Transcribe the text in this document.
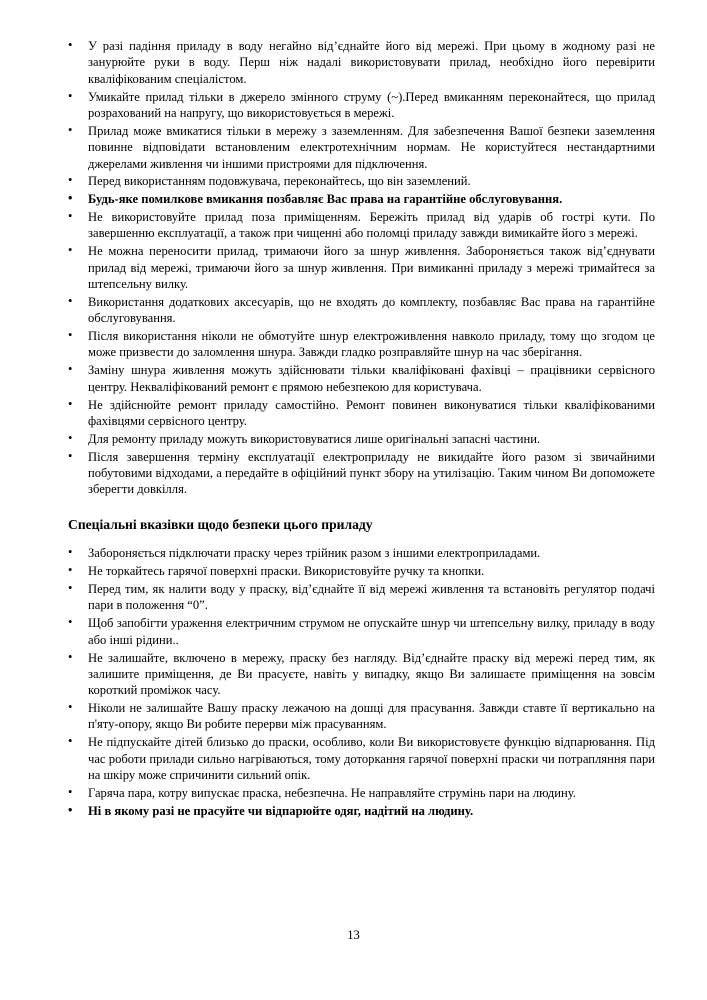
• У разі падіння приладу в воду негайно від’єднайте його від мережі. При цьому в жодному разі не занурюйте руки в воду. Перш ніж надалі використовувати прилад, необхідно його перевірити кваліфікованим спеціалістом.
• Умикайте прилад тільки в джерело змінного струму (~).Перед вмиканням переконайтеся, що прилад розрахований на напругу, що використовується в мережі.
• Прилад може вмикатися тільки в мережу з заземленням. Для забезпечення Вашої безпеки заземлення повинне відповідати встановленим електротехнічним нормам. Не користуйтеся нестандартними джерелами живлення чи іншими пристроями для підключення.
• Перед використанням подовжувача, переконайтесь, що він заземлений.
• Будь-яке помилкове вмикання позбавляє Вас права на гарантійне обслуговування.
• Не використовуйте прилад поза приміщенням. Бережіть прилад від ударів об гострі кути. По завершенню експлуатації, а також при чищенні або поломці приладу завжди вимикайте його з мережі.
• Не можна переносити прилад, тримаючи його за шнур живлення. Забороняється також від’єднувати прилад від мережі, тримаючи його за шнур живлення. При вимиканні приладу з мережі тримайтеся за штепсельну вилку.
• Використання додаткових аксесуарів, що не входять до комплекту, позбавляє Вас права на гарантійне обслуговування.
• Після використання ніколи не обмотуйте шнур електроживлення навколо приладу, тому що згодом це може призвести до заломлення шнура. Завжди гладко розправляйте шнур на час зберігання.
• Заміну шнура живлення можуть здійснювати тільки кваліфіковані фахівці – працівники сервісного центру. Некваліфікований ремонт є прямою небезпекою для користувача.
• Не здійснюйте ремонт приладу самостійно. Ремонт повинен виконуватися тільки кваліфікованими фахівцями сервісного центру.
• Для ремонту приладу можуть використовуватися лише оригінальні запасні частини.
• Після завершення терміну експлуатації електроприладу не викидайте його разом зі звичайними побутовими відходами, а передайте в офіційний пункт збору на утилізацію. Таким чином Ви допоможете зберегти довкілля.
Спеціальні вказівки щодо безпеки цього приладу
• Забороняється підключати праску через трійник разом з іншими електроприладами.
• Не торкайтесь гарячої поверхні праски. Використовуйте ручку та кнопки.
• Перед тим, як налити воду у праску, від’єднайте її від мережі живлення та встановіть регулятор подачі пари в положення “0”.
• Щоб запобігти ураження електричним струмом не опускайте шнур чи штепсельну вилку, приладу в воду або інші рідини..
• Не залишайте, включено в мережу, праску без нагляду. Від’єднайте праску від мережі перед тим, як залишите приміщення, де Ви прасуєте, навіть у випадку, якщо Ви залишаєте приміщення на зовсім короткий проміжок часу.
• Ніколи не залишайте Вашу праску лежачою на дошці для прасування. Завжди ставте її вертикально на п'яту-опору, якщо Ви робите перерви між прасуванням.
• Не підпускайте дітей близько до праски, особливо, коли Ви використовуєте функцію відпарювання. Під час роботи прилади сильно нагріваються, тому доторкання гарячої поверхні праски чи потрапляння пари на шкіру може спричинити сильний опік.
• Гаряча пара, котру випускає праска, небезпечна. Не направляйте струмінь пари на людину.
• Ні в якому разі не прасуйте чи відпарюйте одяг, надітий на людину.
13
